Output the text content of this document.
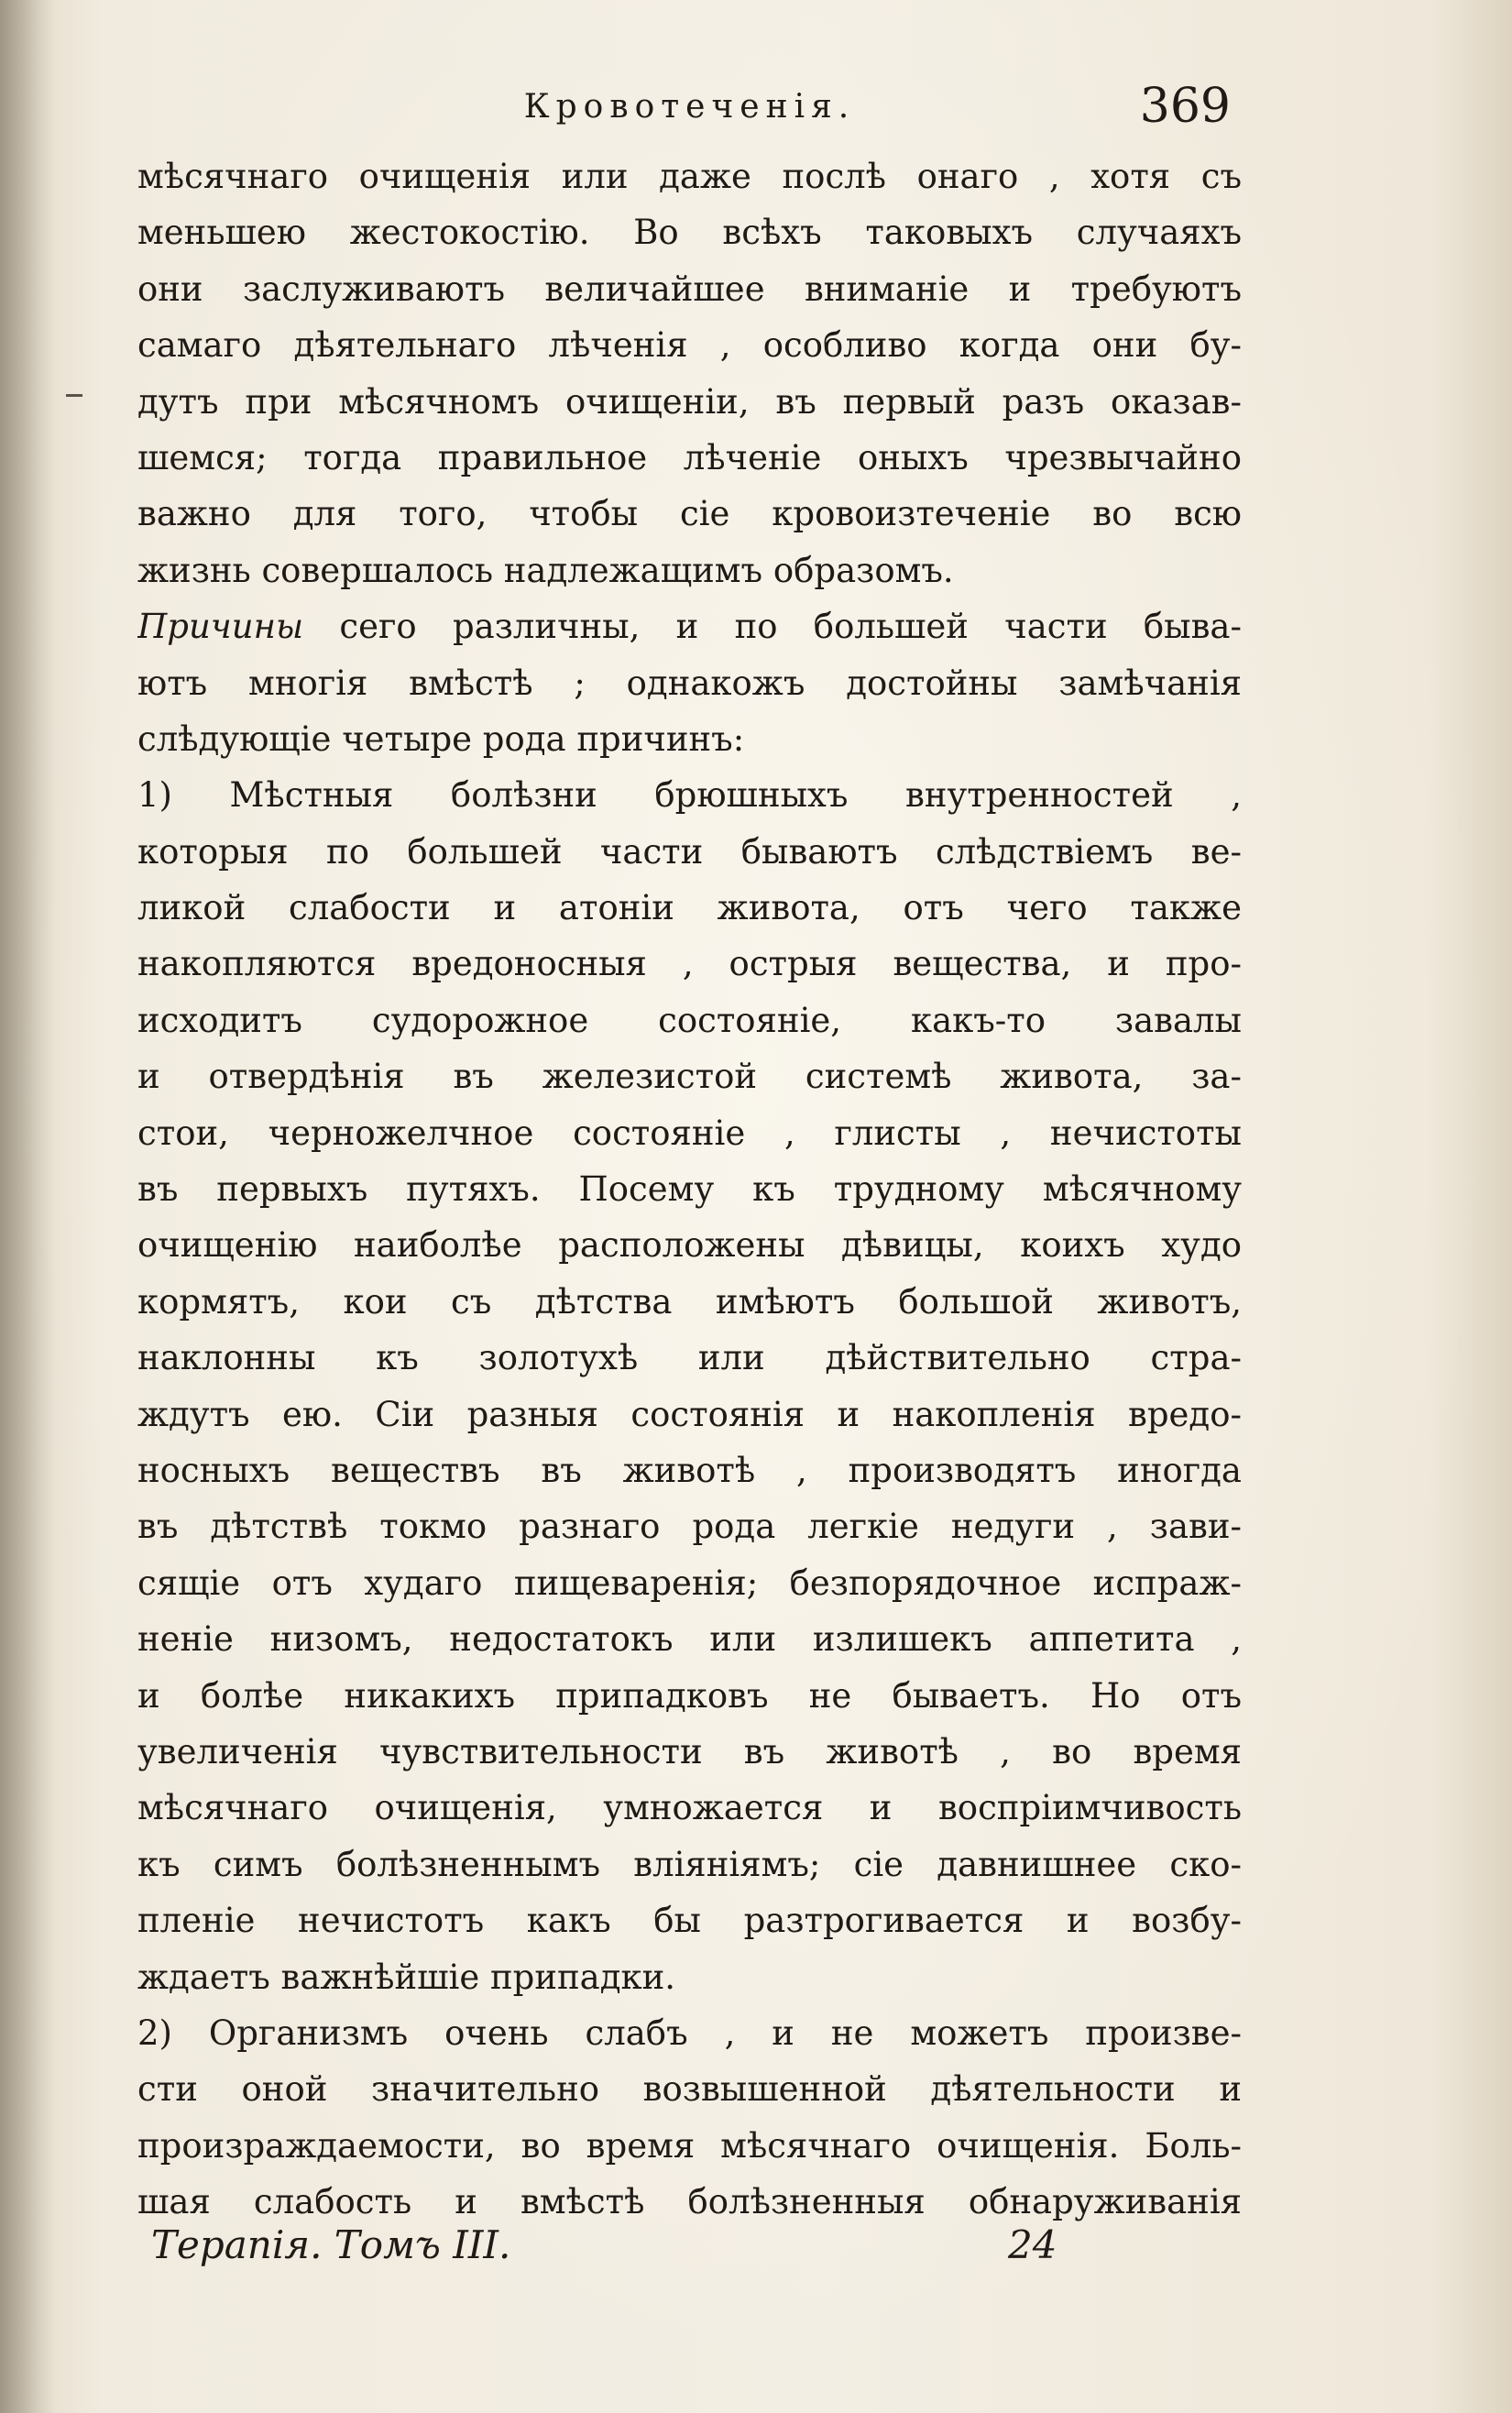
Кровотеченія.	369
мѣсячнаго очищенія или даже послѣ онаго , хотя съ
меньшею жестокостію. Во всѣхъ таковыхъ случаяхъ
они заслуживаютъ величайшее вниманіе и требуютъ
самаго дѣятельнаго лѣченія , особливо когда они бу-
дутъ при мѣсячномъ очищеніи, въ первый разъ оказав-
шемся; тогда правильное лѣченіе оныхъ чрезвычайно
важно для того, чтобы сіе кровоизтеченіе во всю
жизнь совершалось надлежащимъ образомъ.
Причины сего различны, и по большей части быва-
ютъ многія вмѣстѣ ; однакожъ достойны замѣчанія
слѣдующіе четыре рода причинъ:
1) Мѣстныя болѣзни брюшныхъ внутренностей ,
которыя по большей части бываютъ слѣдствіемъ ве-
ликой слабости и атоніи живота, отъ чего также
накопляются вредоносныя , острыя вещества, и про-
исходитъ судорожное состояніе, какъ-то завалы
и отвердѣнія въ железистой системѣ живота, за-
стои, черножелчное состояніе , глисты , нечистоты
въ первыхъ путяхъ. Посему къ трудному мѣсячному
очищенію наиболѣе расположены дѣвицы, коихъ худо
кормятъ, кои съ дѣтства имѣютъ большой животъ,
наклонны къ золотухѣ или дѣйствительно стра-
ждутъ ею. Сіи разныя состоянія и накопленія вредо-
носныхъ веществъ въ животѣ , производятъ иногда
въ дѣтствѣ токмо разнаго рода легкіе недуги , зави-
сящіе отъ худаго пищеваренія; безпорядочное испраж-
неніе низомъ, недостатокъ или излишекъ аппетита ,
и болѣе никакихъ припадковъ не бываетъ. Но отъ
увеличенія чувствительности въ животѣ , во время
мѣсячнаго очищенія, умножается и воспріимчивость
къ симъ болѣзненнымъ вліяніямъ; сіе давнишнее ско-
пленіе нечистотъ какъ бы разтрогивается и возбу-
ждаетъ важнѣйшіе припадки.
2) Организмъ очень слабъ , и не можетъ произве-
сти оной значительно возвышенной дѣятельности и
произраждаемости, во время мѣсячнаго очищенія. Боль-
шая слабость и вмѣстѣ болѣзненныя обнаруживанія
Терапія. Томъ III.	24
